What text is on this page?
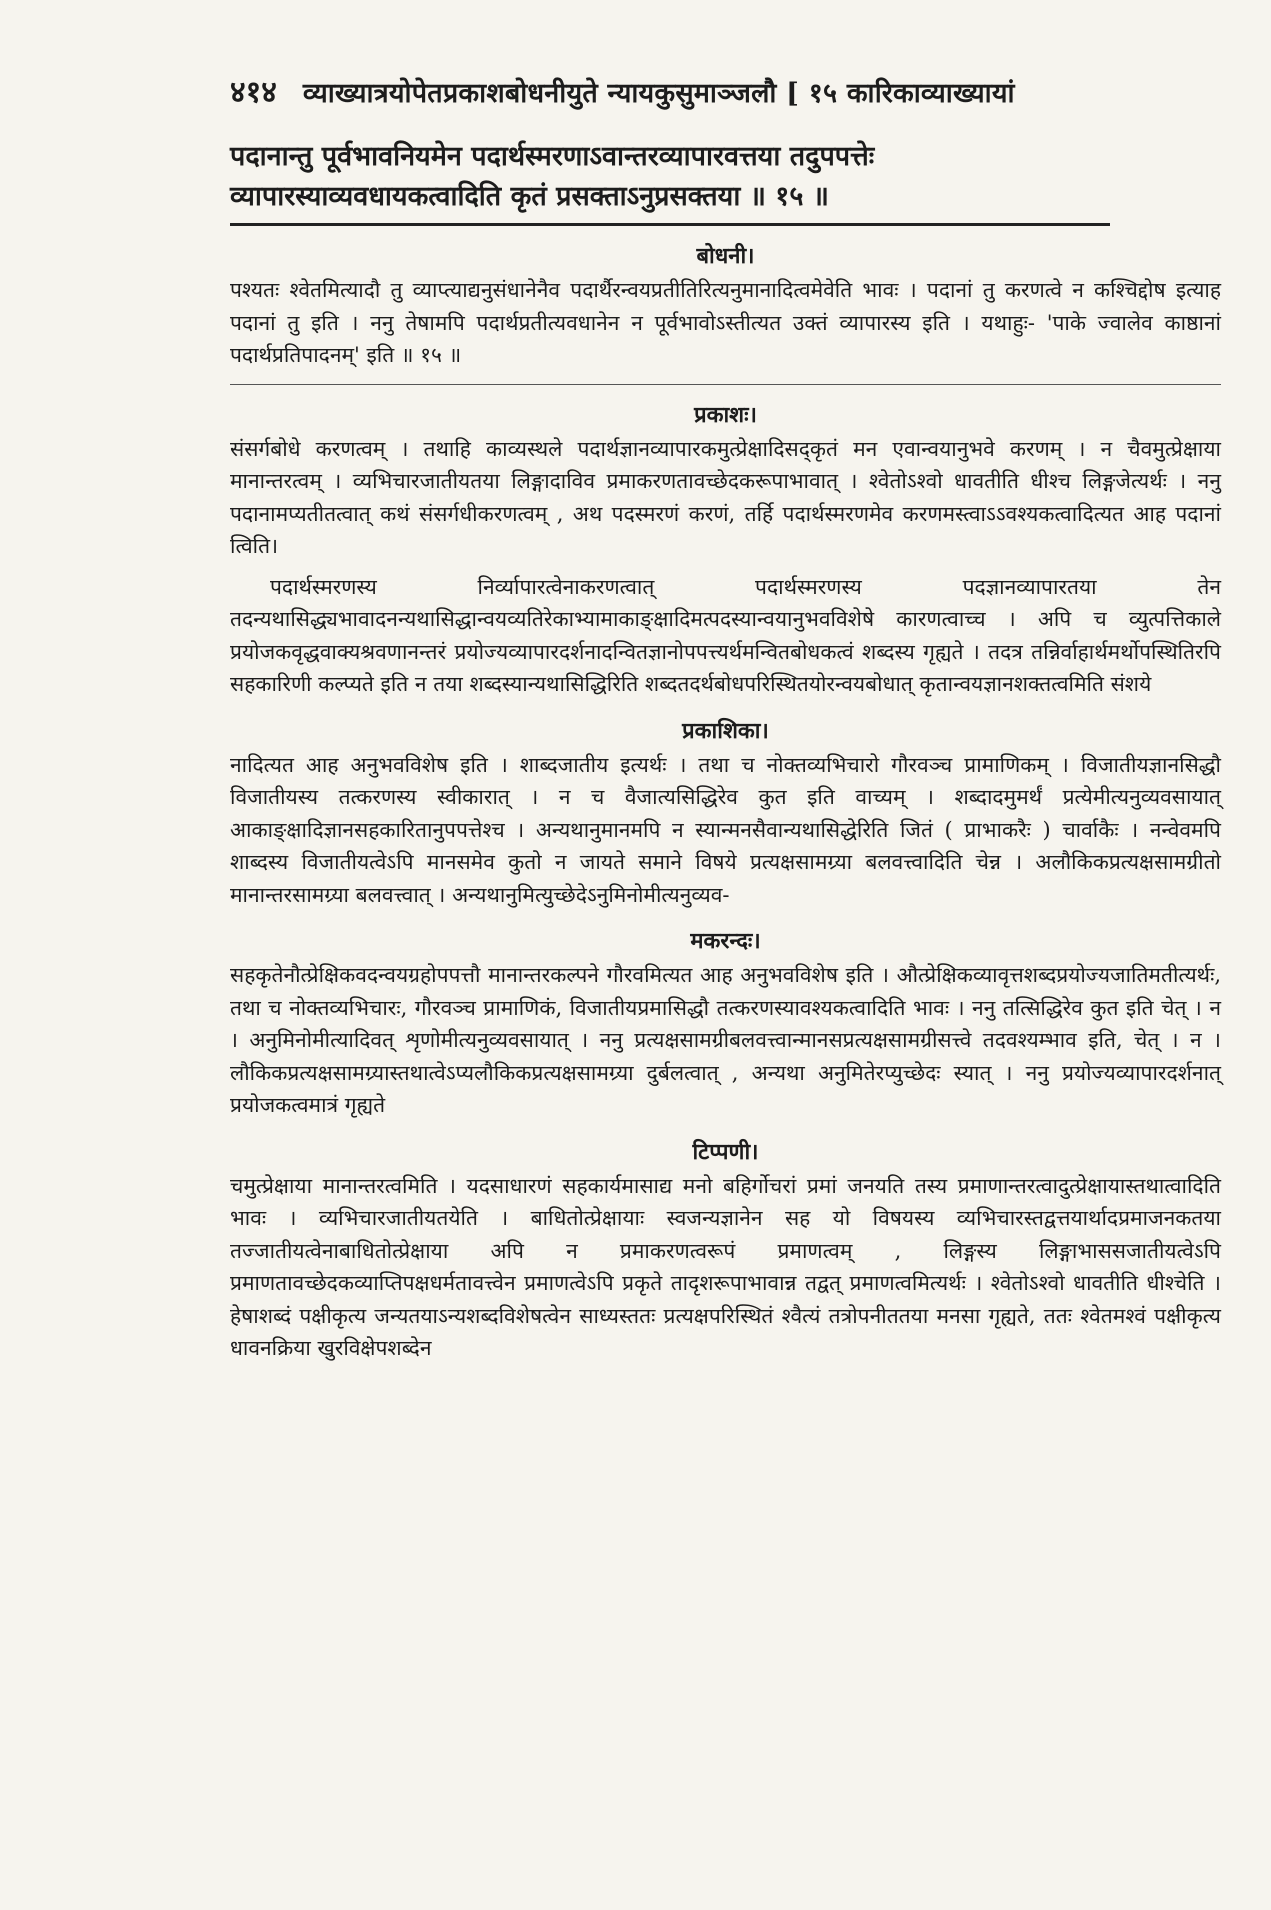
४१४ व्याख्यात्रयोपेतप्रकाशबोधनीयुते न्यायकुसुमाञ्जलौ [ १५ कारिकाव्याख्यायां
पदानान्तु पूर्वभावनियमेन पदार्थस्मरणाऽवान्तरव्यापारवत्तया तदुपपत्तेः व्यापारस्याव्यवधायकत्वादिति कृतं प्रसक्ताऽनुप्रसक्तया ॥ १५ ॥
बोधनी।

पश्यतः श्वेतमित्यादौ तु व्याप्त्याद्यनुसंधानेनैव पदार्थैरन्वयप्रतीतिरित्यनुमानादित्वमेवेति भावः । पदानां तु करणत्वे न कश्चिद्दोष इत्याह पदानां तु इति । ननु तेषामपि पदार्थप्रतीत्यवधानेन न पूर्वभावोऽस्तीत्यत उक्तं व्यापारस्य इति । यथाहुः- 'पाके ज्वालेव काष्ठानां पदार्थप्रतिपादनम्' इति ॥ १५ ॥

प्रकाशः।

संसर्गबोधे करणत्वम् । तथाहि काव्यस्थले पदार्थज्ञानव्यापारकमुत्प्रेक्षादिसद्कृतं मन एवान्वयानुभवे करणम् । न चैवमुत्प्रेक्षाया मानान्तरत्वम् । व्यभिचारजातीयतया लिङ्गादाविव प्रमाकरणतावच्छेदकरूपाभावात् । श्वेतोऽश्वो धावतीति धीश्च लिङ्गजेत्यर्थः । ननु पदानामप्यतीतत्वात् कथं संसर्गधीकरणत्वम् , अथ पदस्मरणं करणं, तर्हि पदार्थस्मरणमेव करणमस्त्वाऽऽवश्यकत्वादित्यत आह पदानां त्विति।

पदार्थस्मरणस्य निर्व्यापारत्वेनाकरणत्वात् पदार्थस्मरणस्य पदज्ञानव्यापारतया तेन तदन्यथासिद्ध्यभावादनन्यथासिद्धान्वयव्यतिरेकाभ्यामाकाङ्क्षादिमत्पदस्यान्वयानुभवविशेषे कारणत्वाच्च । अपि च व्युत्पत्तिकाले प्रयोजकवृद्धवाक्यश्रवणानन्तरं प्रयोज्यव्यापारदर्शनादन्वितज्ञानोपपत्त्यर्थमन्वितबोधकत्वं शब्दस्य गृह्यते । तदत्र तन्निर्वाहार्थमर्थोपस्थितिरपि सहकारिणी कल्प्यते इति न तया शब्दस्यान्यथासिद्धिरिति शब्दतदर्थबोधपरिस्थितयोरन्वयबोधात् कृतान्वयज्ञानशक्तत्वमिति संशये

प्रकाशिका।

नादित्यत आह अनुभवविशेष इति । शाब्दजातीय इत्यर्थः । तथा च नोक्तव्यभिचारो गौरवञ्च प्रामाणिकम् । विजातीयज्ञानसिद्धौ विजातीयस्य तत्करणस्य स्वीकारात् । न च वैजात्यसिद्धिरेव कुत इति वाच्यम् । शब्दादमुमर्थं प्रत्येमीत्यनुव्यवसायात् आकाङ्क्षादिज्ञानसहकारितानुपपत्तेश्च । अन्यथानुमानमपि न स्यान्मनसैवान्यथासिद्धेरिति जितं ( प्राभाकरैः ) चार्वाकैः । नन्वेवमपि शाब्दस्य विजातीयत्वेऽपि मानसमेव कुतो न जायते समाने विषये प्रत्यक्षसामग्र्या बलवत्त्वादिति चेन्न । अलौकिकप्रत्यक्षसामग्रीतो मानान्तरसामग्र्या बलवत्त्वात् । अन्यथानुमित्युच्छेदेऽनुमिनोमीत्यनुव्यव-

मकरन्दः।

सहकृतेनौत्प्रेक्षिकवदन्वयग्रहोपपत्तौ मानान्तरकल्पने गौरवमित्यत आह अनुभवविशेष इति । औत्प्रेक्षिकव्यावृत्तशब्दप्रयोज्यजातिमतीत्यर्थः, तथा च नोक्तव्यभिचारः, गौरवञ्च प्रामाणिकं, विजातीयप्रमासिद्धौ तत्करणस्यावश्यकत्वादिति भावः । ननु तत्सिद्धिरेव कुत इति चेत् । न । अनुमिनोमीत्यादिवत् शृणोमीत्यनुव्यवसायात् । ननु प्रत्यक्षसामग्रीबलवत्त्वान्मानसप्रत्यक्षसामग्रीसत्त्वे तदवश्यम्भाव इति, चेत् । न । लौकिकप्रत्यक्षसामग्र्यास्तथात्वेऽप्यलौकिकप्रत्यक्षसामग्र्या दुर्बलत्वात् , अन्यथा अनुमितेरप्युच्छेदः स्यात् । ननु प्रयोज्यव्यापारदर्शनात् प्रयोजकत्वमात्रं गृह्यते

टिप्पणी।

चमुत्प्रेक्षाया मानान्तरत्वमिति । यदसाधारणं सहकार्यमासाद्य मनो बहिर्गोचरां प्रमां जनयति तस्य प्रमाणान्तरत्वादुत्प्रेक्षायास्तथात्वादिति भावः । व्यभिचारजातीयतयेति । बाधितोत्प्रेक्षायाः स्वजन्यज्ञानेन सह यो विषयस्य व्यभिचारस्तद्वत्तयार्थादप्रमाजनकतया तज्जातीयत्वेनाबाधितोत्प्रेक्षाया अपि न प्रमाकरणत्वरूपं प्रमाणत्वम् , लिङ्गस्य लिङ्गाभाससजातीयत्वेऽपि प्रमाणतावच्छेदकव्याप्तिपक्षधर्मतावत्त्वेन प्रमाणत्वेऽपि प्रकृते तादृशरूपाभावान्न तद्वत् प्रमाणत्वमित्यर्थः । श्वेतोऽश्वो धावतीति धीश्चेति । हेषाशब्दं पक्षीकृत्य जन्यतयाऽन्यशब्दविशेषत्वेन साध्यस्ततः प्रत्यक्षपरिस्थितं श्वैत्यं तत्रोपनीततया मनसा गृह्यते, ततः श्वेतमश्वं पक्षीकृत्य धावनक्रिया खुरविक्षेपशब्देन
